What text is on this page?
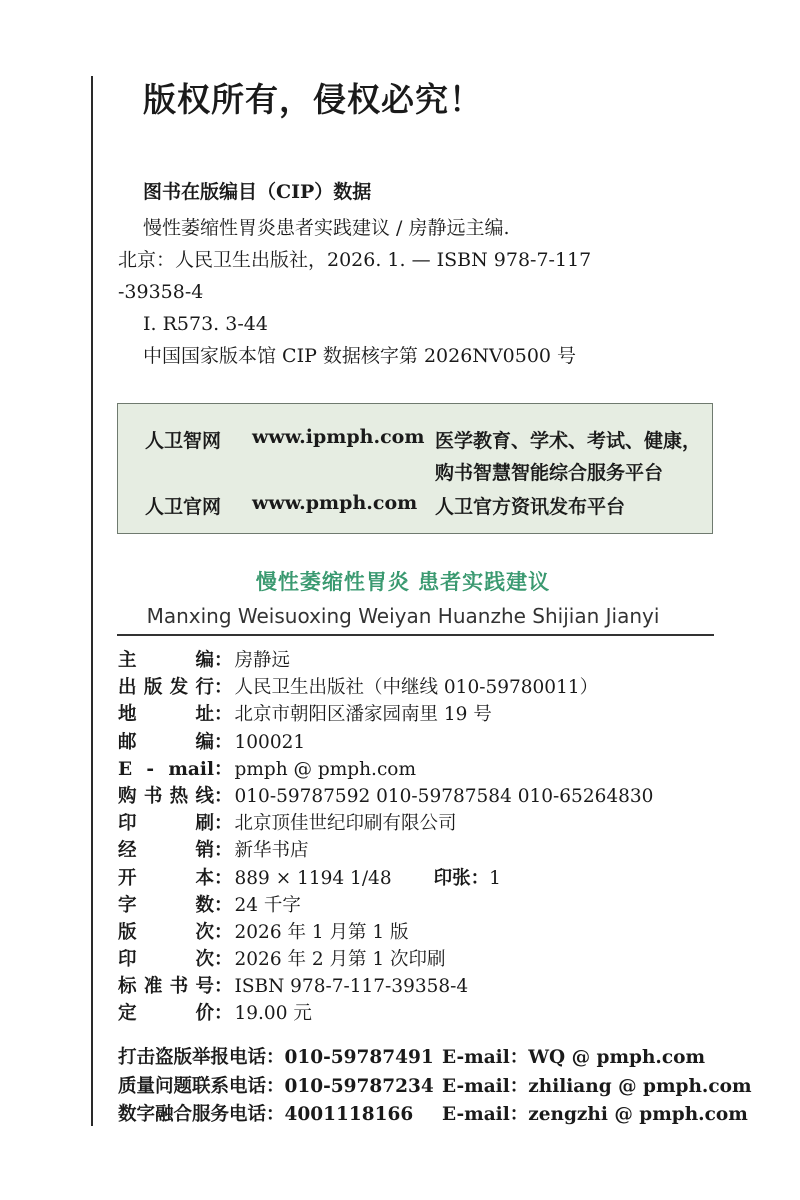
版权所有，侵权必究！
图书在版编目（CIP）数据
慢性萎缩性胃炎患者实践建议 / 房静远主编.
北京：人民卫生出版社，2026. 1. — ISBN 978-7-117
-39358-4
I. R573. 3-44
中国国家版本馆 CIP 数据核字第 2026NV0500 号
人卫智网 www.ipmph.com 医学教育、学术、考试、健康，
购书智慧智能综合服务平台
人卫官网 www.pmph.com 人卫官方资讯发布平台
慢性萎缩性胃炎 患者实践建议
Manxing Weisuoxing Weiyan Huanzhe Shijian Jianyi
主	编 ： 房静远
出 版 发 行 ： 人民卫生出版社（中继线 010-59780011）
地	址 ： 北京市朝阳区潘家园南里 19 号
邮	编 ： 100021
E - mail ： pmph @ pmph.com
购 书 热 线 ： 010-59787592 010-59787584 010-65264830
印	刷 ： 北京顶佳世纪印刷有限公司
经	销 ： 新华书店
开	本 ： 889 × 1194 1/48 印张：1
字	数 ： 24 千字
版	次 ： 2026 年 1 月第 1 版
印	次 ： 2026 年 2 月第 1 次印刷
标 准 书 号 ： ISBN 978-7-117-39358-4
定	价 ： 19.00 元
打击盗版举报电话：010-59787491 E-mail：WQ @ pmph.com
质量问题联系电话：010-59787234 E-mail：zhiliang @ pmph.com
数字融合服务电话：4001118166 E-mail：zengzhi @ pmph.com
